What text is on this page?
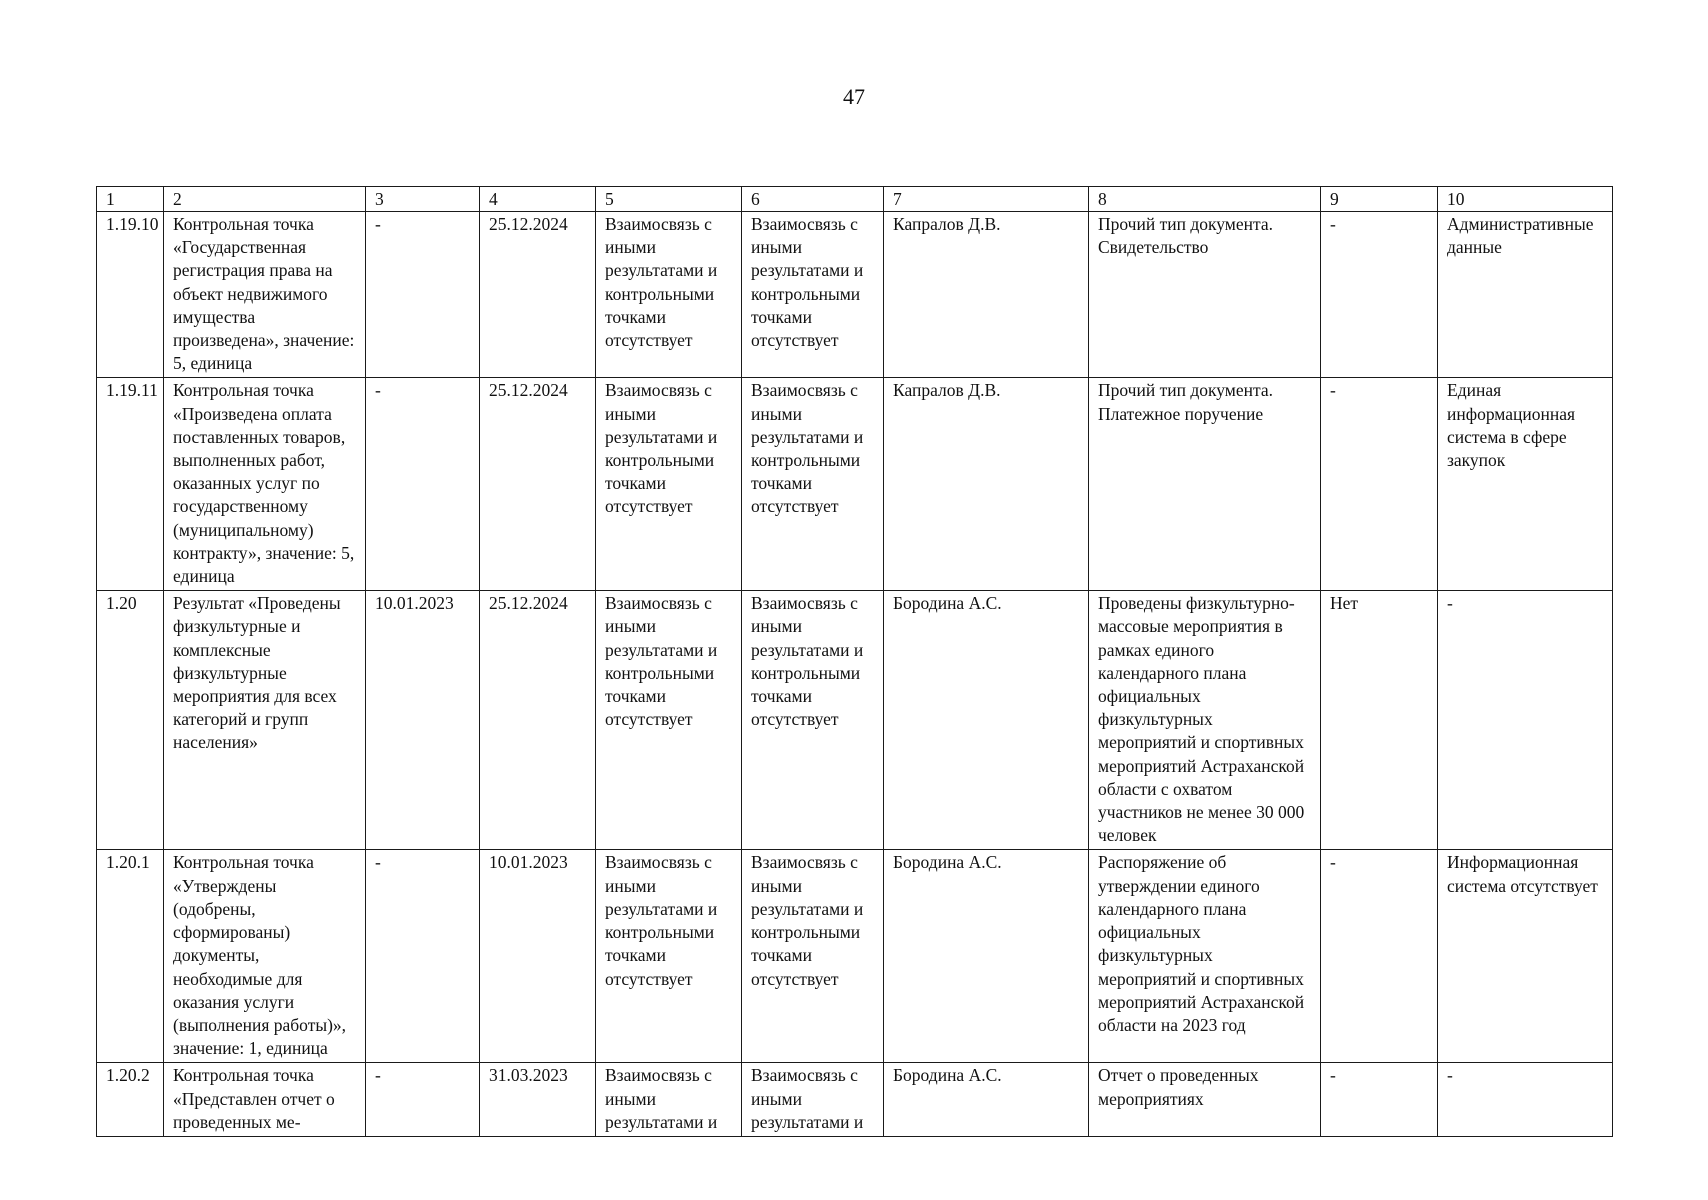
47
1	2	3	4	5	6	7	8	9	10
1.19.10	Контрольная точка «Государственная регистрация права на объект недвижимого имущества произведена», значение: 5, единица	-	25.12.2024	Взаимосвязь с иными результатами и контрольными точками отсутствует	Взаимосвязь с иными результатами и контрольными точками отсутствует	Капралов Д.В.	Прочий тип документа. Свидетельство	-	Административные данные
1.19.11	Контрольная точка «Произведена оплата поставленных товаров, выполненных работ, оказанных услуг по государственному (муниципальному) контракту», значение: 5, единица	-	25.12.2024	Взаимосвязь с иными результатами и контрольными точками отсутствует	Взаимосвязь с иными результатами и контрольными точками отсутствует	Капралов Д.В.	Прочий тип документа. Платежное поручение	-	Единая информационная система в сфере закупок
1.20	Результат «Проведены физкультурные и комплексные физкультурные мероприятия для всех категорий и групп населения»	10.01.2023	25.12.2024	Взаимосвязь с иными результатами и контрольными точками отсутствует	Взаимосвязь с иными результатами и контрольными точками отсутствует	Бородина А.С.	Проведены физкультурно-массовые мероприятия в рамках единого календарного плана официальных физкультурных мероприятий и спортивных мероприятий Астраханской области с охватом участников не менее 30 000 человек	Нет	-
1.20.1	Контрольная точка «Утверждены (одобрены, сформированы) документы, необходимые для оказания услуги (выполнения работы)», значение: 1, единица	-	10.01.2023	Взаимосвязь с иными результатами и контрольными точками отсутствует	Взаимосвязь с иными результатами и контрольными точками отсутствует	Бородина А.С.	Распоряжение об утверждении единого календарного плана официальных физкультурных мероприятий и спортивных мероприятий Астраханской области на 2023 год	-	Информационная система отсутствует
1.20.2	Контрольная точка «Представлен отчет о проведенных ме-	-	31.03.2023	Взаимосвязь с иными результатами и	Взаимосвязь с иными результатами и	Бородина А.С.	Отчет о проведенных мероприятиях	-	-
